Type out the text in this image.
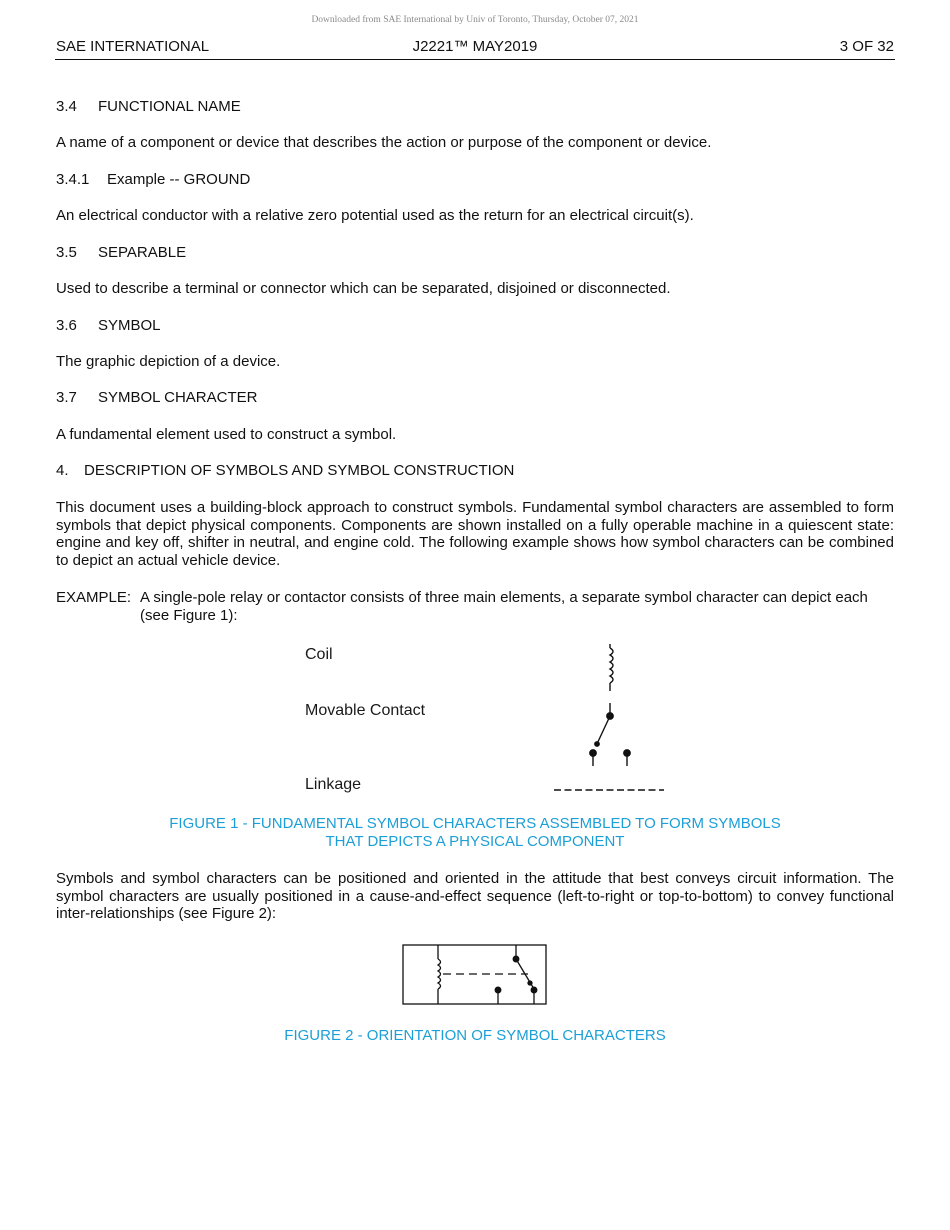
Downloaded from SAE International by Univ of Toronto, Thursday, October 07, 2021
SAE INTERNATIONAL	J2221™ MAY2019	3 OF 32
3.4 FUNCTIONAL NAME
A name of a component or device that describes the action or purpose of the component or device.
3.4.1 Example -- GROUND
An electrical conductor with a relative zero potential used as the return for an electrical circuit(s).
3.5 SEPARABLE
Used to describe a terminal or connector which can be separated, disjoined or disconnected.
3.6 SYMBOL
The graphic depiction of a device.
3.7 SYMBOL CHARACTER
A fundamental element used to construct a symbol.
4. DESCRIPTION OF SYMBOLS AND SYMBOL CONSTRUCTION
This document uses a building-block approach to construct symbols. Fundamental symbol characters are assembled to form symbols that depict physical components. Components are shown installed on a fully operable machine in a quiescent state: engine and key off, shifter in neutral, and engine cold. The following example shows how symbol characters can be combined to depict an actual vehicle device.
EXAMPLE: A single-pole relay or contactor consists of three main elements, a separate symbol character can depict each (see Figure 1):
Coil
Movable Contact
Linkage
FIGURE 1 - FUNDAMENTAL SYMBOL CHARACTERS ASSEMBLED TO FORM SYMBOLS
THAT DEPICTS A PHYSICAL COMPONENT
Symbols and symbol characters can be positioned and oriented in the attitude that best conveys circuit information. The symbol characters are usually positioned in a cause-and-effect sequence (left-to-right or top-to-bottom) to convey functional inter-relationships (see Figure 2):
FIGURE 2 - ORIENTATION OF SYMBOL CHARACTERS
